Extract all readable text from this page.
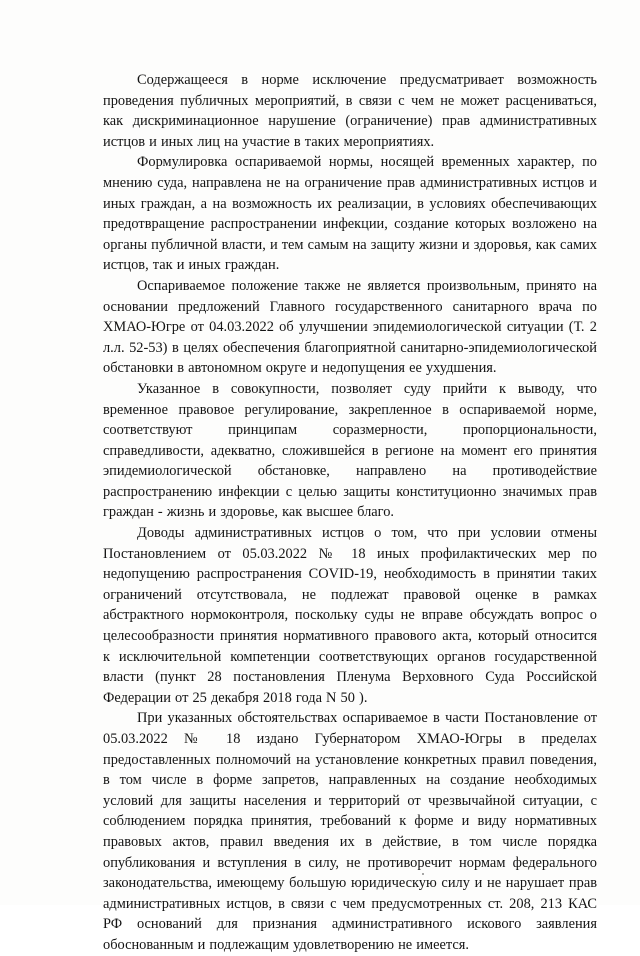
Содержащееся в норме исключение предусматривает возможность проведения публичных мероприятий, в связи с чем не может расцениваться, как дискриминационное нарушение (ограничение) прав административных истцов и иных лиц на участие в таких мероприятиях.

Формулировка оспариваемой нормы, носящей временных характер, по мнению суда, направлена не на ограничение прав административных истцов и иных граждан, а на возможность их реализации, в условиях обеспечивающих предотвращение распространении инфекции, создание которых возложено на органы публичной власти, и тем самым на защиту жизни и здоровья, как самих истцов, так и иных граждан.

Оспариваемое положение также не является произвольным, принято на основании предложений Главного государственного санитарного врача по ХМАО-Югре от 04.03.2022 об улучшении эпидемиологической ситуации (Т. 2 л.л. 52-53) в целях обеспечения благоприятной санитарно-эпидемиологической обстановки в автономном округе и недопущения ее ухудшения.

Указанное в совокупности, позволяет суду прийти к выводу, что временное правовое регулирование, закрепленное в оспариваемой норме, соответствуют принципам соразмерности, пропорциональности, справедливости, адекватно, сложившейся в регионе на момент его принятия эпидемиологической обстановке, направлено на противодействие распространению инфекции с целью защиты конституционно значимых прав граждан - жизнь и здоровье, как высшее благо.

Доводы административных истцов о том, что при условии отмены Постановлением от 05.03.2022 № 18 иных профилактических мер по недопущению распространения COVID-19, необходимость в принятии таких ограничений отсутствовала, не подлежат правовой оценке в рамках абстрактного нормоконтроля, поскольку суды не вправе обсуждать вопрос о целесообразности принятия нормативного правового акта, который относится к исключительной компетенции соответствующих органов государственной власти (пункт 28 постановления Пленума Верховного Суда Российской Федерации от 25 декабря 2018 года N 50 ).

При указанных обстоятельствах оспариваемое в части Постановление от 05.03.2022 № 18 издано Губернатором ХМАО-Югры в пределах предоставленных полномочий на установление конкретных правил поведения, в том числе в форме запретов, направленных на создание необходимых условий для защиты населения и территорий от чрезвычайной ситуации, с соблюдением порядка принятия, требований к форме и виду нормативных правовых актов, правил введения их в действие, в том числе порядка опубликования и вступления в силу, не противоречит нормам федерального законодательства, имеющему большую юридическую силу и не нарушает прав административных истцов, в связи с чем предусмотренных ст. 208, 213 КАС РФ оснований для признания административного искового заявления обоснованным и подлежащим удовлетворению не имеется.
